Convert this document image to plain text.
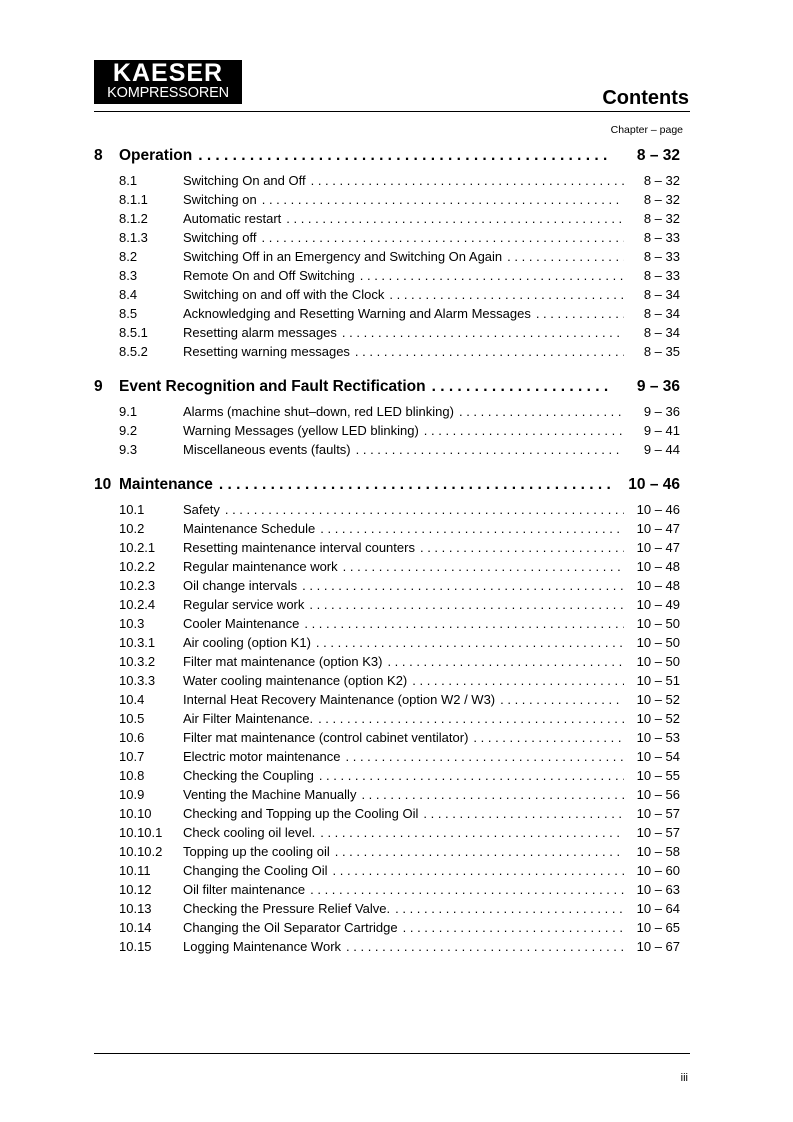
KAESER
KOMPRESSOREN	Contents
Chapter – page
8	Operation . . .	8 – 32
8.1	Switching On and Off . . .	8 – 32
8.1.1	Switching on . . .	8 – 32
8.1.2	Automatic restart . . .	8 – 32
8.1.3	Switching off . . .	8 – 33
8.2	Switching Off in an Emergency and Switching On Again . . .	8 – 33
8.3	Remote On and Off Switching . . .	8 – 33
8.4	Switching on and off with the Clock . . .	8 – 34
8.5	Acknowledging and Resetting Warning and Alarm Messages . . .	8 – 34
8.5.1	Resetting alarm messages . . .	8 – 34
8.5.2	Resetting warning messages . . .	8 – 35
9	Event Recognition and Fault Rectification . . .	9 – 36
9.1	Alarms (machine shut–down, red LED blinking) . . .	9 – 36
9.2	Warning Messages (yellow LED blinking) . . .	9 – 41
9.3	Miscellaneous events (faults) . . .	9 – 44
10 Maintenance . . .	10 – 46
10.1	Safety . . .	10 – 46
10.2	Maintenance Schedule . . .	10 – 47
10.2.1	Resetting maintenance interval counters . . .	10 – 47
10.2.2	Regular maintenance work . . .	10 – 48
10.2.3	Oil change intervals . . .	10 – 48
10.2.4	Regular service work . . .	10 – 49
10.3	Cooler Maintenance . . .	10 – 50
10.3.1	Air cooling (option K1) . . .	10 – 50
10.3.2	Filter mat maintenance (option K3) . . .	10 – 50
10.3.3	Water cooling maintenance (option K2) . . .	10 – 51
10.4	Internal Heat Recovery Maintenance (option W2 / W3) . . .	10 – 52
10.5	Air Filter Maintenance. . . .	10 – 52
10.6	Filter mat maintenance (control cabinet ventilator) . . .	10 – 53
10.7	Electric motor maintenance . . .	10 – 54
10.8	Checking the Coupling . . .	10 – 55
10.9	Venting the Machine Manually . . .	10 – 56
10.10	Checking and Topping up the Cooling Oil . . .	10 – 57
10.10.1	Check cooling oil level. . . .	10 – 57
10.10.2	Topping up the cooling oil . . .	10 – 58
10.11	Changing the Cooling Oil . . .	10 – 60
10.12	Oil filter maintenance . . .	10 – 63
10.13	Checking the Pressure Relief Valve. . . .	10 – 64
10.14	Changing the Oil Separator Cartridge . . .	10 – 65
10.15	Logging Maintenance Work . . .	10 – 67
iii
